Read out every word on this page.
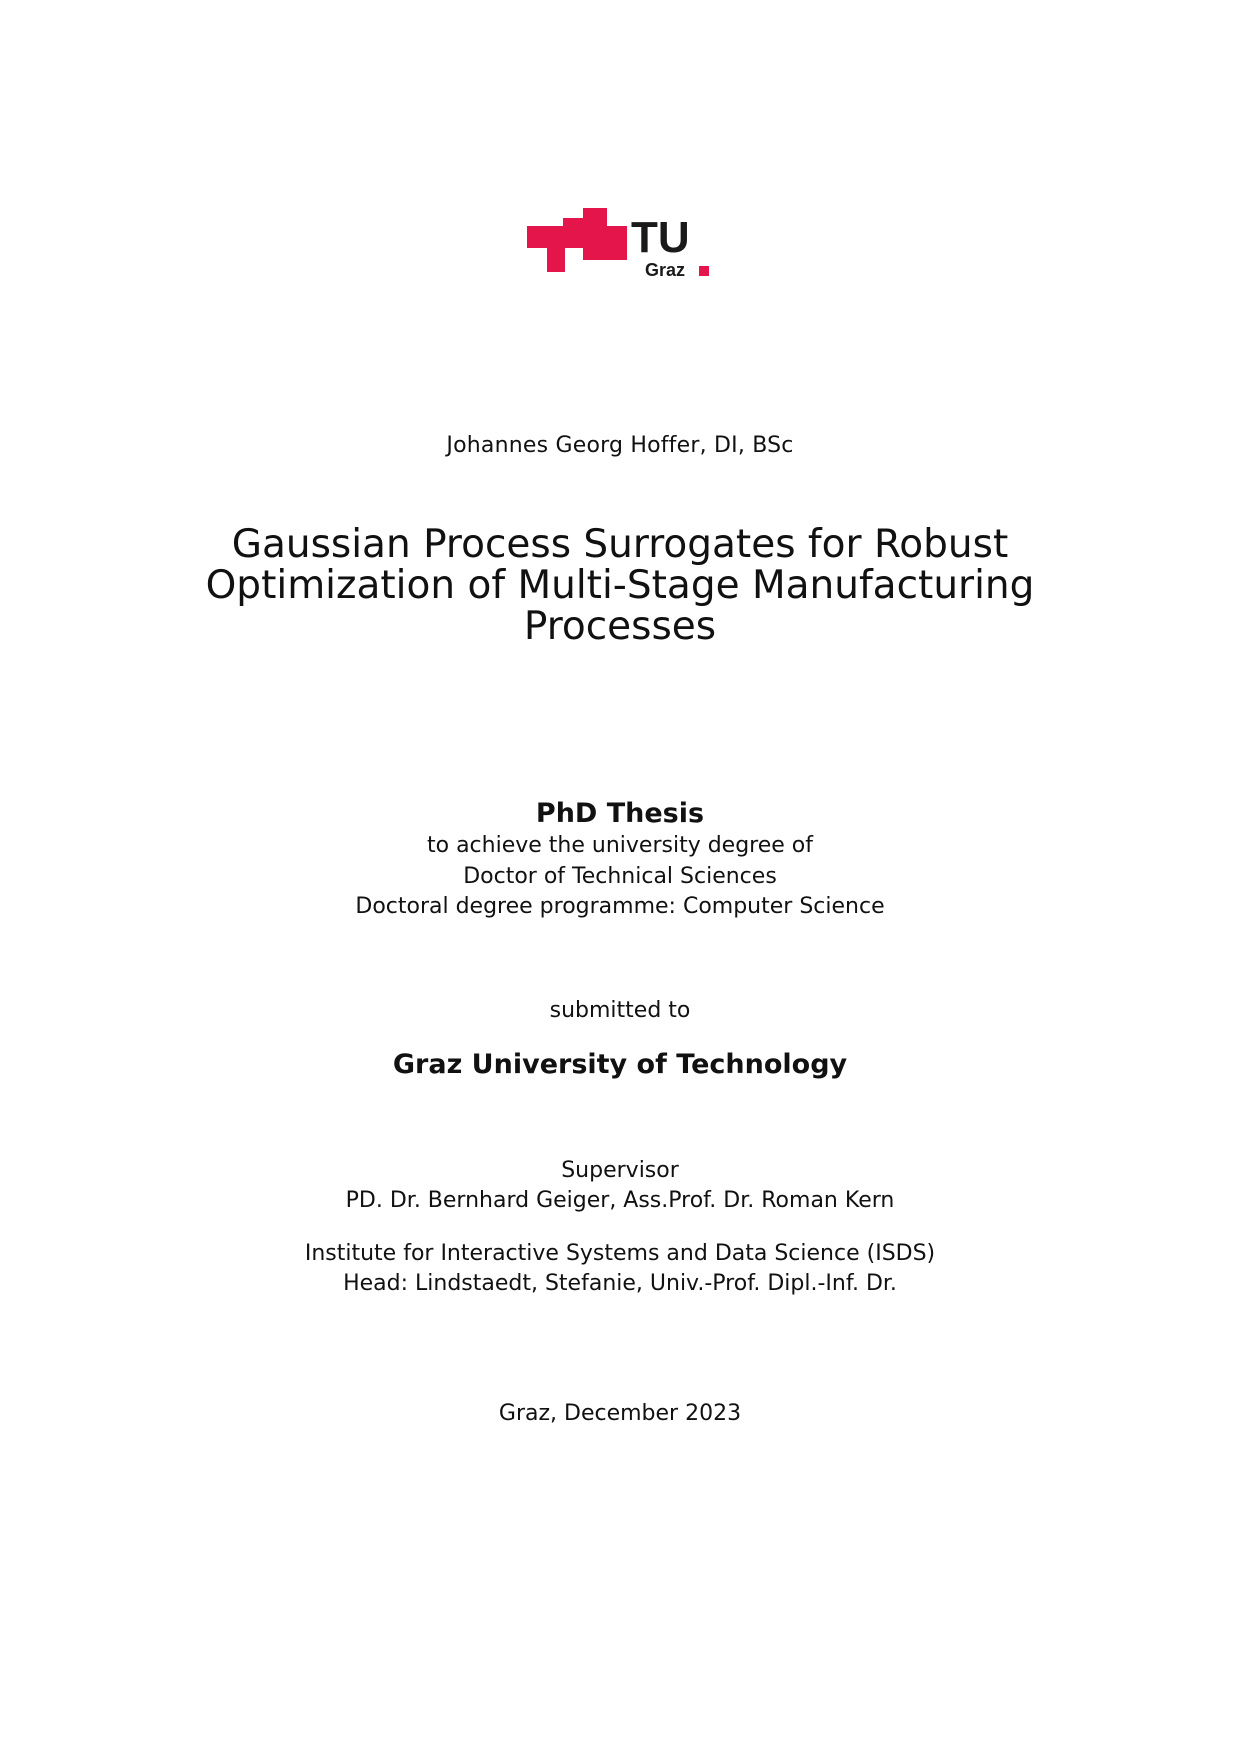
TU
Graz
Johannes Georg Hoffer, DI, BSc
Gaussian Process Surrogates for Robust
Optimization of Multi-Stage Manufacturing
Processes
PhD Thesis
to achieve the university degree of
Doctor of Technical Sciences
Doctoral degree programme: Computer Science
submitted to
Graz University of Technology
Supervisor
PD. Dr. Bernhard Geiger, Ass.Prof. Dr. Roman Kern
Institute for Interactive Systems and Data Science (ISDS)
Head: Lindstaedt, Stefanie, Univ.-Prof. Dipl.-Inf. Dr.
Graz, December 2023
